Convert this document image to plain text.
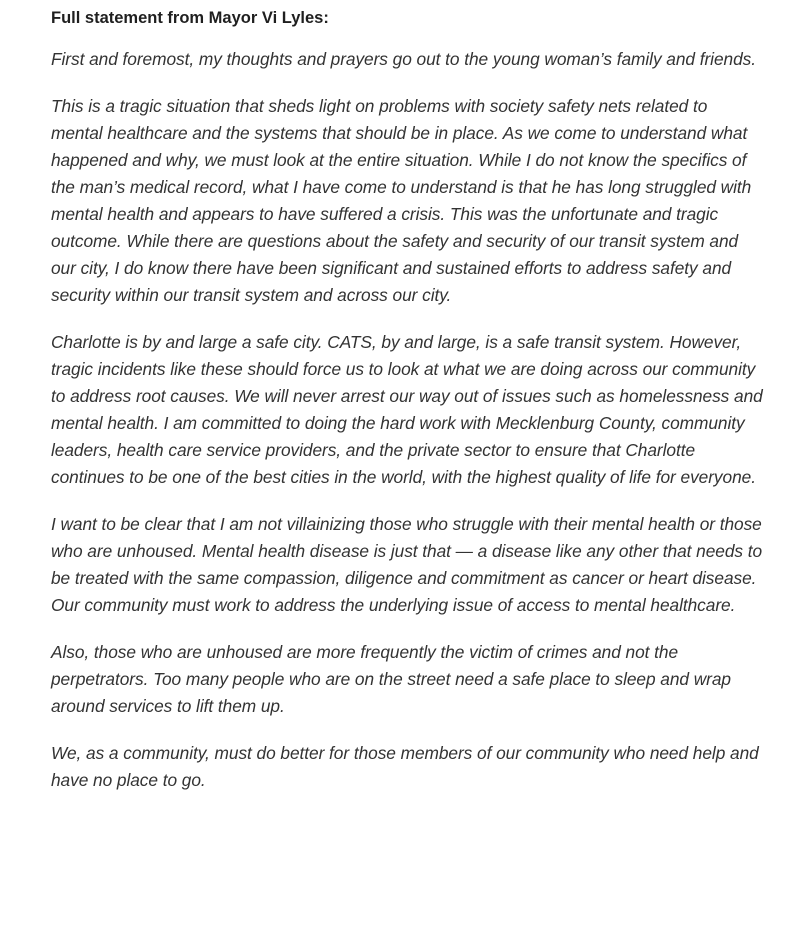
Full statement from Mayor Vi Lyles:

First and foremost, my thoughts and prayers go out to the young woman’s family and friends.

This is a tragic situation that sheds light on problems with society safety nets related to mental healthcare and the systems that should be in place. As we come to understand what happened and why, we must look at the entire situation. While I do not know the specifics of the man’s medical record, what I have come to understand is that he has long struggled with mental health and appears to have suffered a crisis. This was the unfortunate and tragic outcome. While there are questions about the safety and security of our transit system and our city, I do know there have been significant and sustained efforts to address safety and security within our transit system and across our city.

Charlotte is by and large a safe city. CATS, by and large, is a safe transit system. However, tragic incidents like these should force us to look at what we are doing across our community to address root causes. We will never arrest our way out of issues such as homelessness and mental health. I am committed to doing the hard work with Mecklenburg County, community leaders, health care service providers, and the private sector to ensure that Charlotte continues to be one of the best cities in the world, with the highest quality of life for everyone.

I want to be clear that I am not villainizing those who struggle with their mental health or those who are unhoused. Mental health disease is just that — a disease like any other that needs to be treated with the same compassion, diligence and commitment as cancer or heart disease. Our community must work to address the underlying issue of access to mental healthcare.

Also, those who are unhoused are more frequently the victim of crimes and not the perpetrators. Too many people who are on the street need a safe place to sleep and wrap around services to lift them up.

We, as a community, must do better for those members of our community who need help and have no place to go.
